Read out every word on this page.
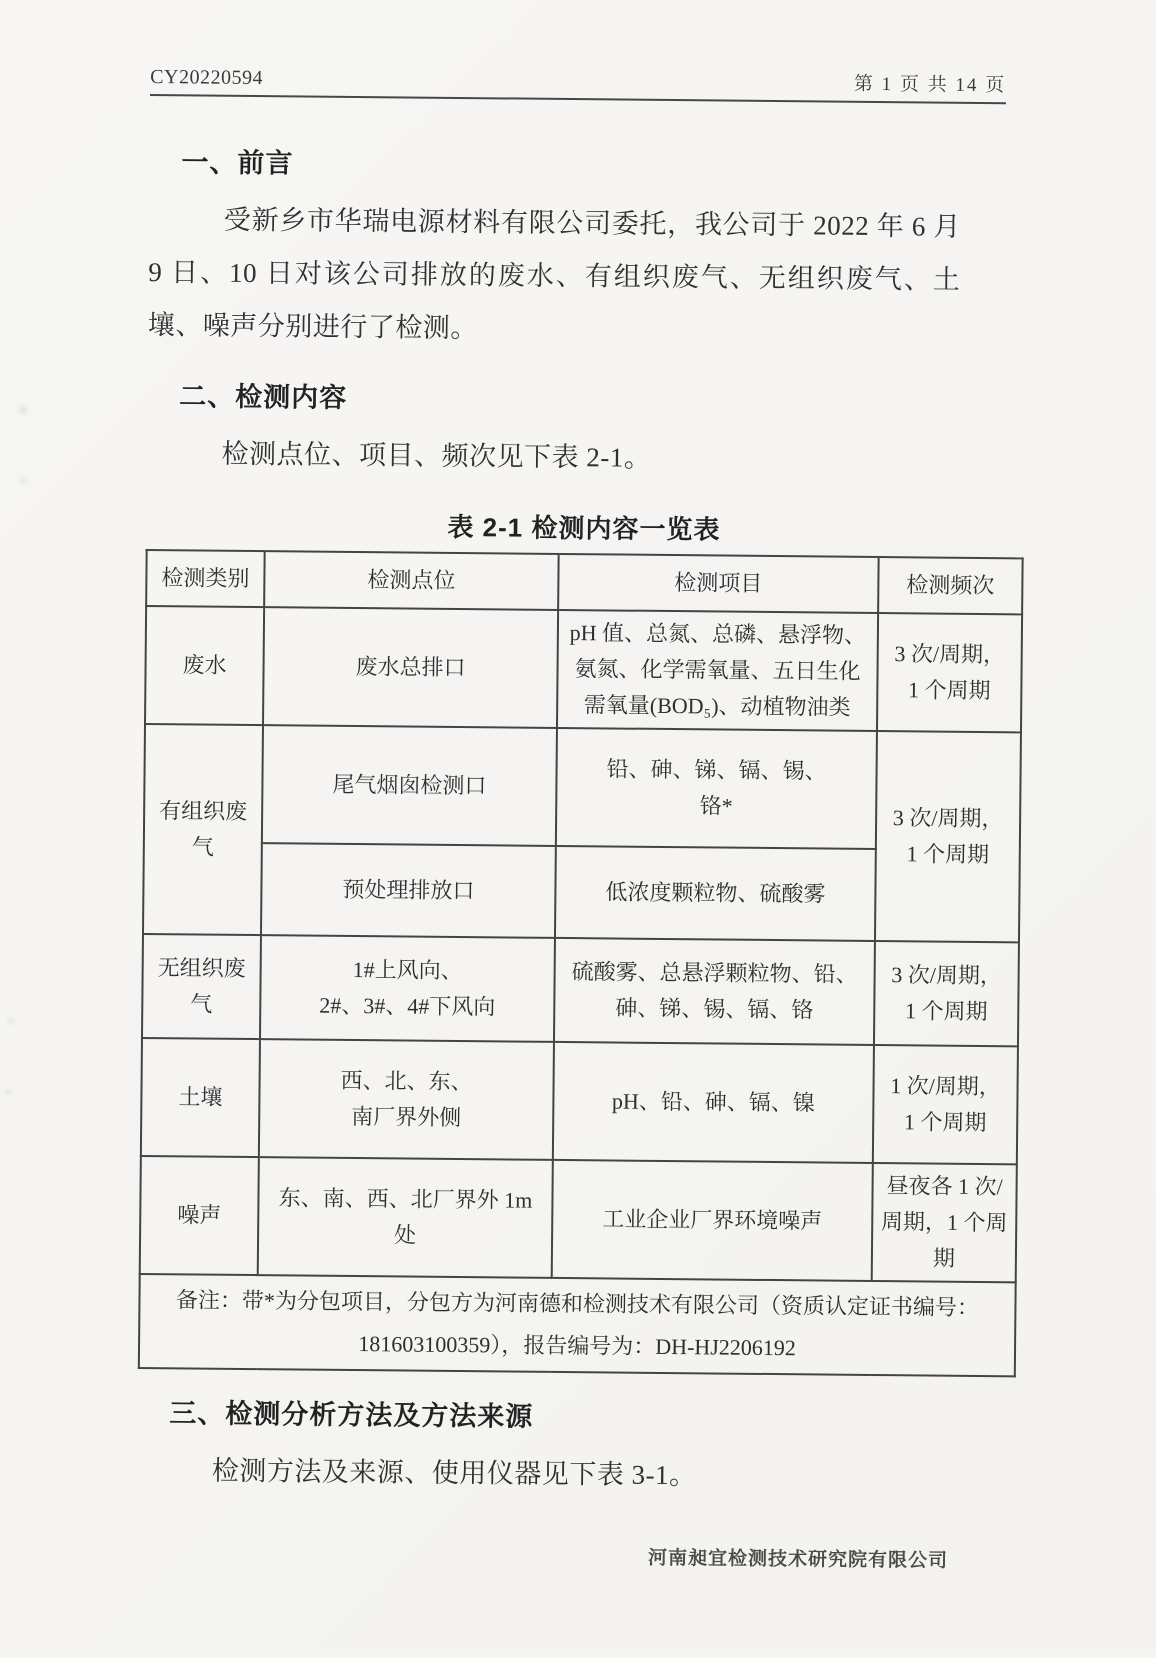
CY20220594	第 1 页 共 14 页
一、前言

受新乡市华瑞电源材料有限公司委托，我公司于 2022 年 6 月 9 日、10 日对该公司排放的废水、有组织废气、无组织废气、土壤、噪声分别进行了检测。

二、检测内容

检测点位、项目、频次见下表 2-1。

表 2-1 检测内容一览表
检测类别	检测点位	检测项目	检测频次
废水	废水总排口	pH 值、总氮、总磷、悬浮物、氨氮、化学需氧量、五日生化需氧量(BOD₅)、动植物油类	3 次/周期，
1 个周期
有组织废气	尾气烟囱检测口	铅、砷、锑、镉、锡、
铬*	3 次/周期，
1 个周期
	预处理排放口	低浓度颗粒物、硫酸雾	
无组织废气	1#上风向、
2#、3#、4#下风向	硫酸雾、总悬浮颗粒物、铅、砷、锑、锡、镉、铬	3 次/周期，
1 个周期
土壤	西、北、东、
南厂界外侧	pH、铅、砷、镉、镍	1 次/周期，
1 个周期
噪声	东、南、西、北厂界外 1m
处	工业企业厂界环境噪声	昼夜各 1 次/
周期，1 个周
期
备注：带*为分包项目，分包方为河南德和检测技术有限公司（资质认定证书编号：
181603100359），报告编号为：DH-HJ2206192			
三、检测分析方法及方法来源

检测方法及来源、使用仪器见下表 3-1。

河南昶宜检测技术研究院有限公司
